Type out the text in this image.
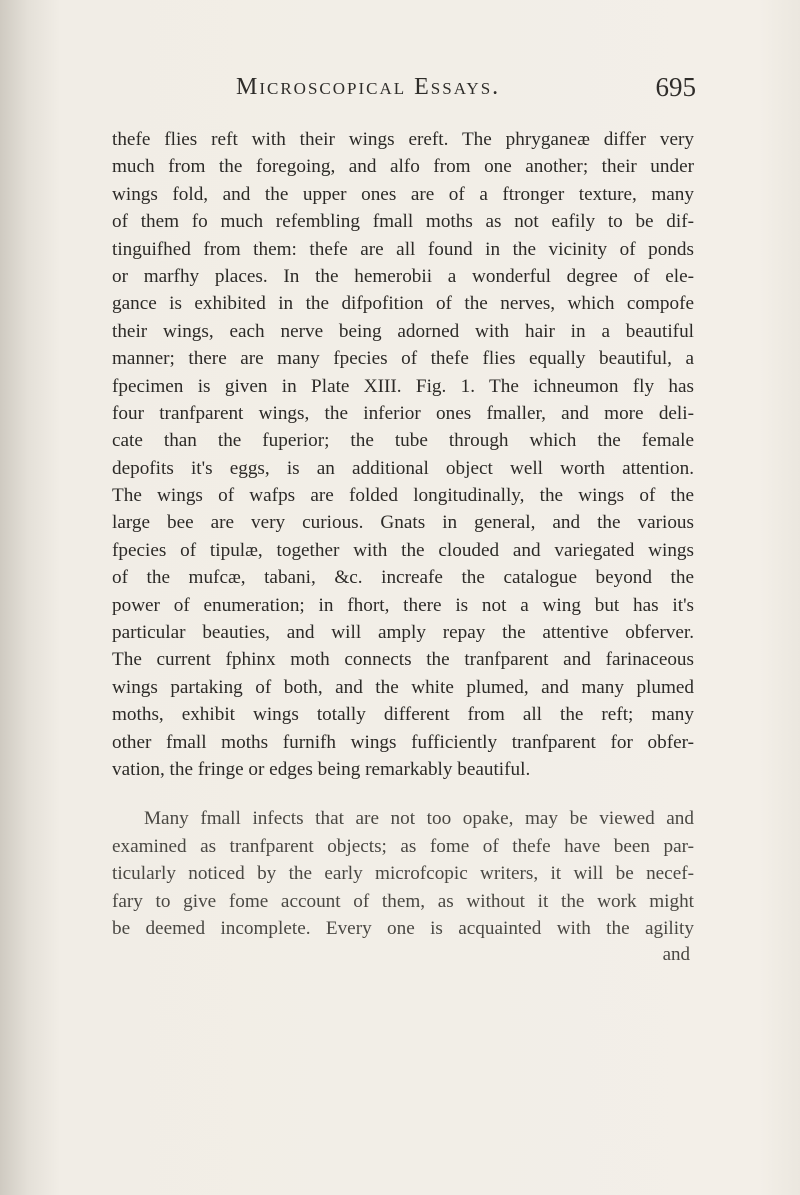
Microscopical Essays.	695
thefe flies reft with their wings ereft. The phryganeæ differ very
much from the foregoing, and alfo from one another; their under
wings fold, and the upper ones are of a ftronger texture, many
of them fo much refembling fmall moths as not eafily to be dif-
tinguifhed from them: thefe are all found in the vicinity of ponds
or marfhy places. In the hemerobii a wonderful degree of ele-
gance is exhibited in the difpofition of the nerves, which compofe
their wings, each nerve being adorned with hair in a beautiful
manner; there are many fpecies of thefe flies equally beautiful, a
fpecimen is given in Plate XIII. Fig. 1. The ichneumon fly has
four tranfparent wings, the inferior ones fmaller, and more deli-
cate than the fuperior; the tube through which the female
depofits it's eggs, is an additional object well worth attention.
The wings of wafps are folded longitudinally, the wings of the
large bee are very curious. Gnats in general, and the various
fpecies of tipulæ, together with the clouded and variegated wings
of the mufcæ, tabani, &c. increafe the catalogue beyond the
power of enumeration; in fhort, there is not a wing but has it's
particular beauties, and will amply repay the attentive obferver.
The current fphinx moth connects the tranfparent and farinaceous
wings partaking of both, and the white plumed, and many plumed
moths, exhibit wings totally different from all the reft; many
other fmall moths furnifh wings fufficiently tranfparent for obfer-
vation, the fringe or edges being remarkably beautiful.
Many fmall infects that are not too opake, may be viewed and
examined as tranfparent objects; as fome of thefe have been par-
ticularly noticed by the early microfcopic writers, it will be necef-
fary to give fome account of them, as without it the work might
be deemed incomplete. Every one is acquainted with the agility
and
